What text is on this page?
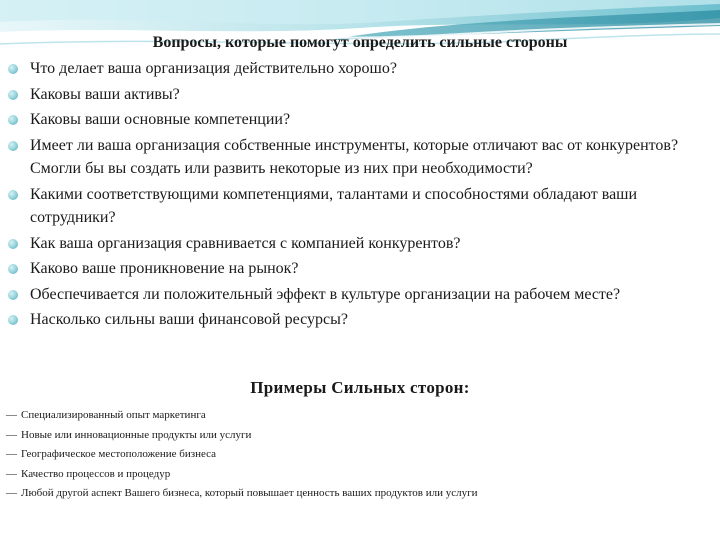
Вопросы, которые помогут определить сильные стороны
Что делает ваша организация действительно хорошо?
Каковы ваши активы?
Каковы ваши основные компетенции?
Имеет ли ваша организация собственные инструменты, которые отличают вас от конкурентов? Смогли бы вы создать или развить некоторые из них при необходимости?
Какими соответствующими компетенциями, талантами и способностями обладают ваши сотрудники?
Как ваша организация сравнивается с компанией конкурентов?
Каково ваше проникновение на рынок?
Обеспечивается ли положительный эффект в культуре организации на рабочем месте?
Насколько сильны ваши финансовой ресурсы?
Примеры Сильных сторон:
— Специализированный опыт маркетинга
— Новые или инновационные продукты или услуги
— Географическое местоположение бизнеса
— Качество процессов и процедур
— Любой другой аспект Вашего бизнеса, который повышает ценность ваших продуктов или услуги
